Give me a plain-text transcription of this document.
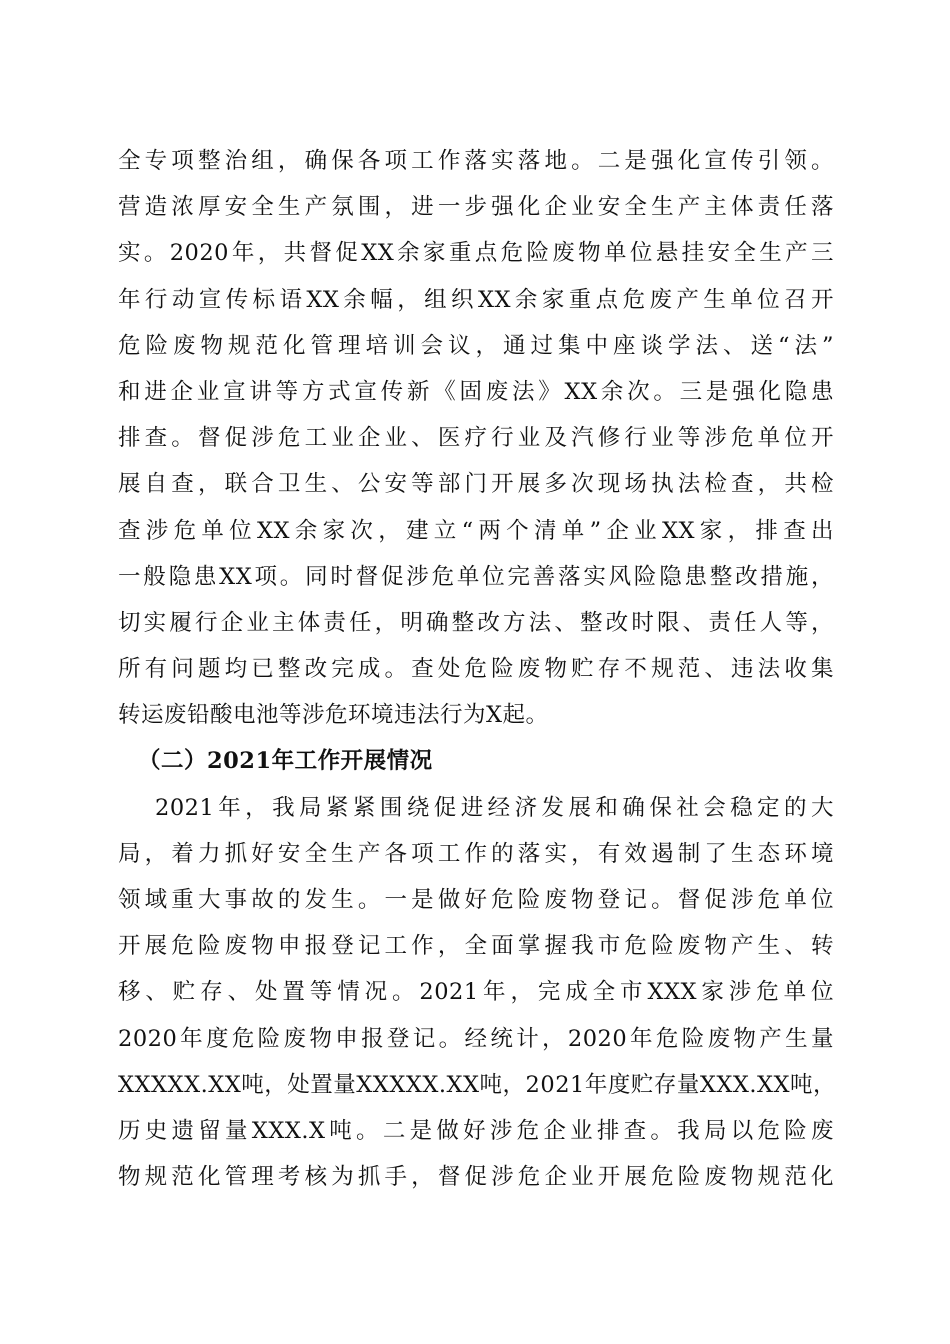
全专项整治组，确保各项工作落实落地。二是强化宣传引领。
营造浓厚安全生产氛围，进一步强化企业安全生产主体责任落
实。2020年，共督促XX余家重点危险废物单位悬挂安全生产三
年行动宣传标语XX余幅，组织XX余家重点危废产生单位召开
危险废物规范化管理培训会议，通过集中座谈学法、送“法”
和进企业宣讲等方式宣传新《固废法》XX余次。三是强化隐患
排查。督促涉危工业企业、医疗行业及汽修行业等涉危单位开
展自查，联合卫生、公安等部门开展多次现场执法检查，共检
查涉危单位XX余家次，建立“两个清单”企业XX家，排查出
一般隐患XX项。同时督促涉危单位完善落实风险隐患整改措施，
切实履行企业主体责任，明确整改方法、整改时限、责任人等，
所有问题均已整改完成。查处危险废物贮存不规范、违法收集
转运废铅酸电池等涉危环境违法行为X起。
（二）2021年工作开展情况
2021年，我局紧紧围绕促进经济发展和确保社会稳定的大
局，着力抓好安全生产各项工作的落实，有效遏制了生态环境
领域重大事故的发生。一是做好危险废物登记。督促涉危单位
开展危险废物申报登记工作，全面掌握我市危险废物产生、转
移、贮存、处置等情况。2021年，完成全市XXX家涉危单位
2020年度危险废物申报登记。经统计，2020年危险废物产生量
XXXXX.XX吨，处置量XXXXX.XX吨，2021年度贮存量XXX.XX吨，
历史遗留量XXX.X吨。二是做好涉危企业排查。我局以危险废
物规范化管理考核为抓手，督促涉危企业开展危险废物规范化
